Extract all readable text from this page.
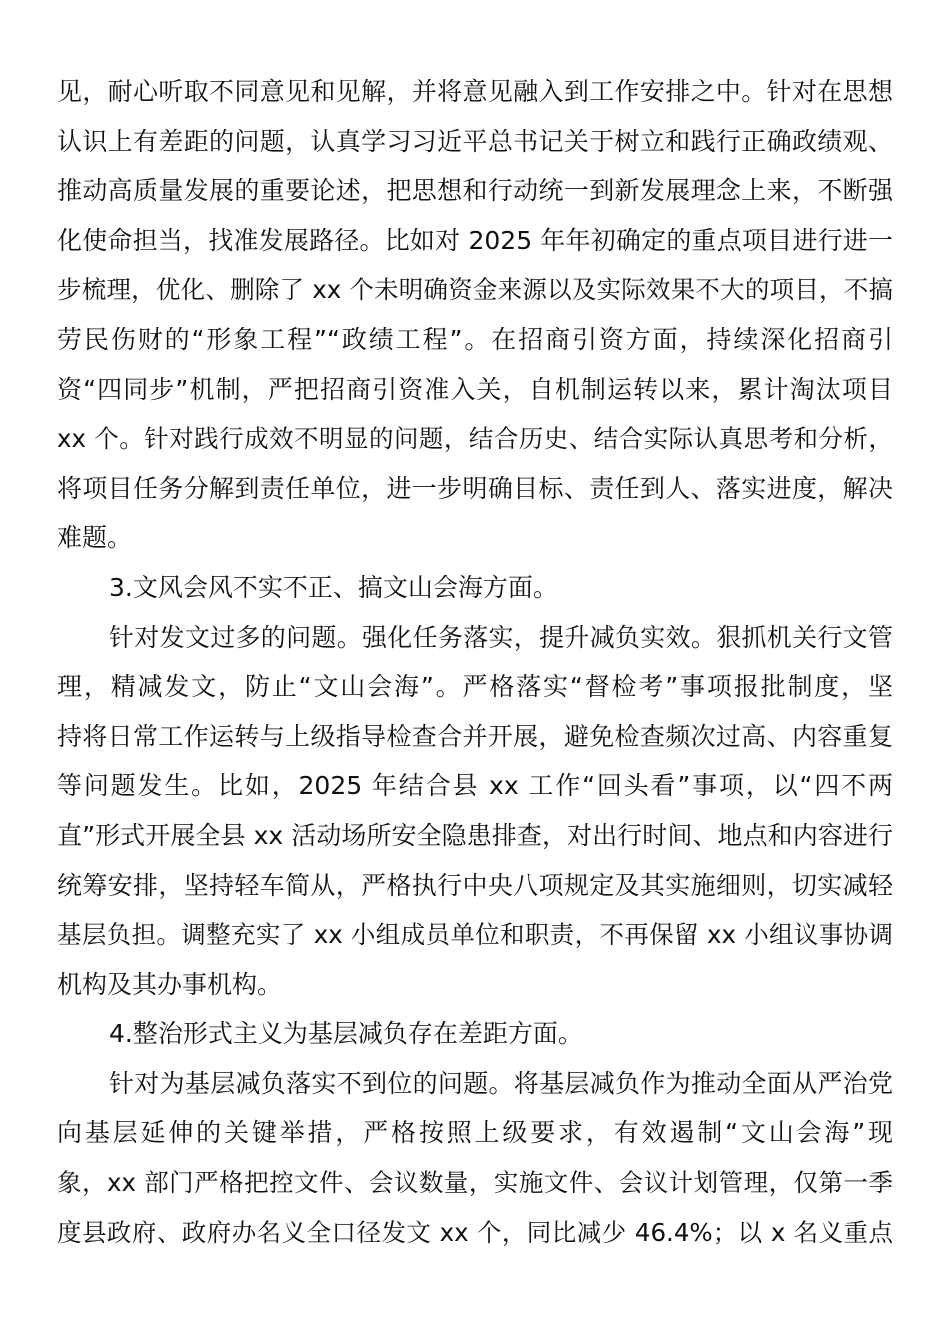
见，耐心听取不同意见和见解，并将意见融入到工作安排之中。针对在思想
认识上有差距的问题，认真学习习近平总书记关于树立和践行正确政绩观、
推动高质量发展的重要论述，把思想和行动统一到新发展理念上来，不断强
化使命担当，找准发展路径。比如对 2025 年年初确定的重点项目进行进一
步梳理，优化、删除了 xx 个未明确资金来源以及实际效果不大的项目，不搞
劳民伤财的“形象工程”“政绩工程”。在招商引资方面，持续深化招商引
资“四同步”机制，严把招商引资准入关，自机制运转以来，累计淘汰项目
xx 个。针对践行成效不明显的问题，结合历史、结合实际认真思考和分析，
将项目任务分解到责任单位，进一步明确目标、责任到人、落实进度，解决
难题。
3.文风会风不实不正、搞文山会海方面。
针对发文过多的问题。强化任务落实，提升减负实效。狠抓机关行文管
理，精减发文，防止“文山会海”。严格落实“督检考”事项报批制度，坚
持将日常工作运转与上级指导检查合并开展，避免检查频次过高、内容重复
等问题发生。比如，2025 年结合县 xx 工作“回头看”事项，以“四不两
直”形式开展全县 xx 活动场所安全隐患排查，对出行时间、地点和内容进行
统筹安排，坚持轻车简从，严格执行中央八项规定及其实施细则，切实减轻
基层负担。调整充实了 xx 小组成员单位和职责，不再保留 xx 小组议事协调
机构及其办事机构。
4.整治形式主义为基层减负存在差距方面。
针对为基层减负落实不到位的问题。将基层减负作为推动全面从严治党
向基层延伸的关键举措，严格按照上级要求，有效遏制“文山会海”现
象，xx 部门严格把控文件、会议数量，实施文件、会议计划管理，仅第一季
度县政府、政府办名义全口径发文 xx 个，同比减少 46.4%；以 x 名义重点
